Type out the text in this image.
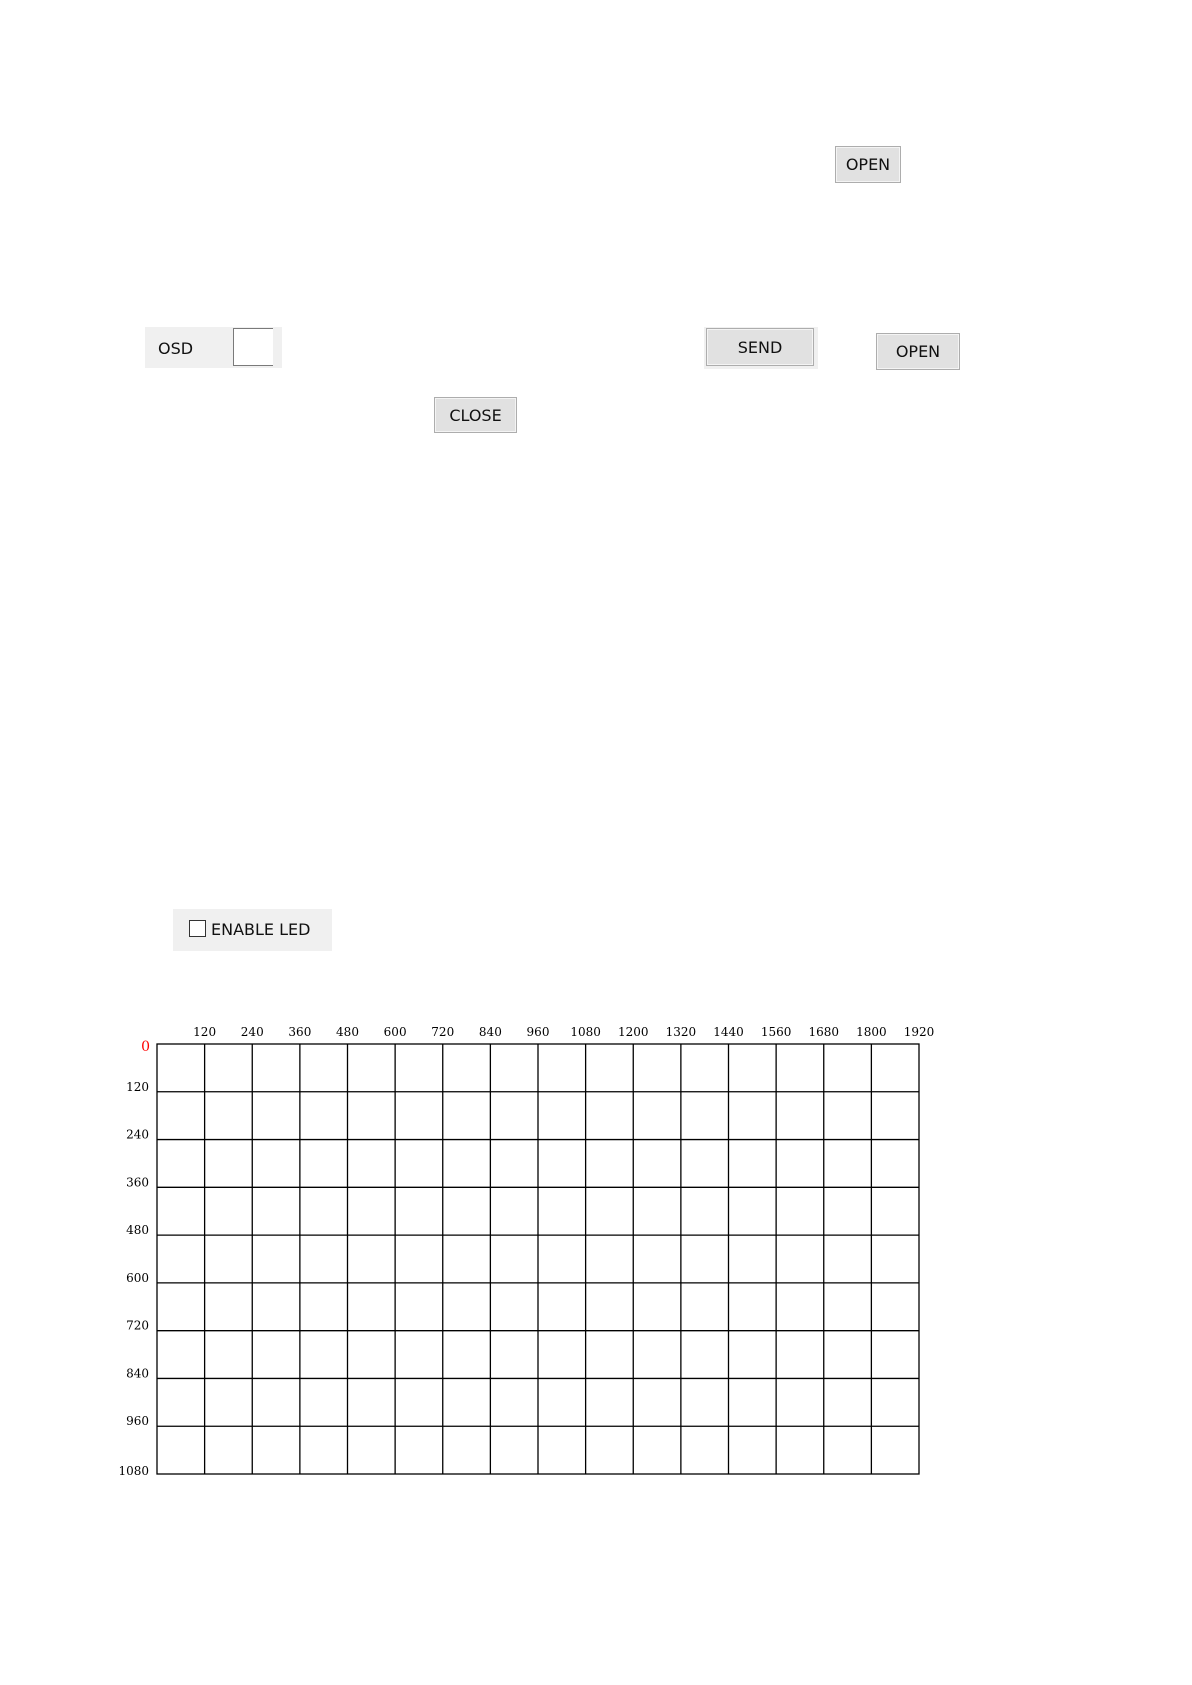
OPEN
OSD	SEND	OPEN
CLOSE
ENABLE LED
120 240 360 480 600 720 840 960 1080 1200 1320 1440 1560 1680 1800 1920
120
240
360
480
600
720
840
960
1080
0
